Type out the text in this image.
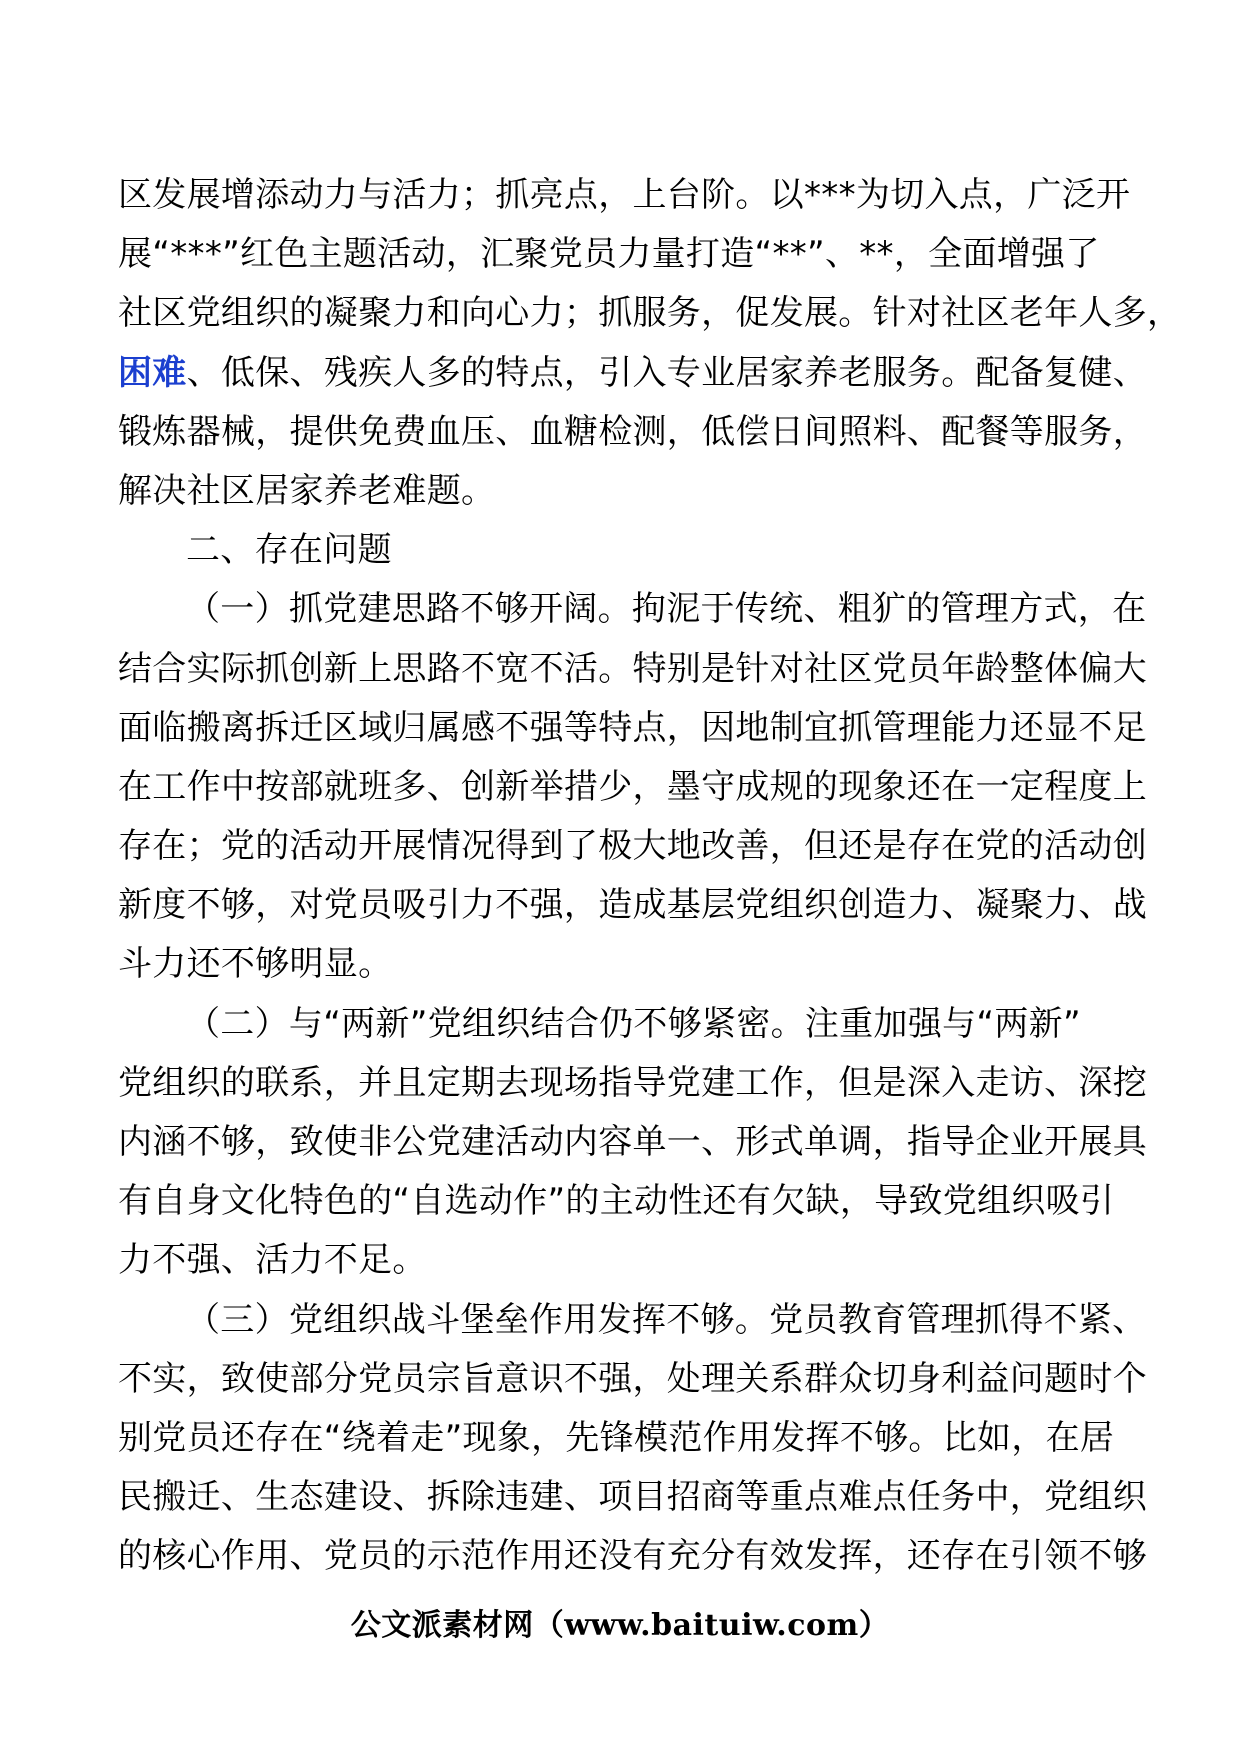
区发展增添动力与活力；抓亮点，上台阶。以***为切入点，广泛开
展“***”红色主题活动，汇聚党员力量打造“**”、**，全面增强了
社区党组织的凝聚力和向心力；抓服务，促发展。针对社区老年人多，
困难、低保、残疾人多的特点，引入专业居家养老服务。配备复健、
锻炼器械，提供免费血压、血糖检测，低偿日间照料、配餐等服务，
解决社区居家养老难题。
二、存在问题
（一）抓党建思路不够开阔。拘泥于传统、粗犷的管理方式，在
结合实际抓创新上思路不宽不活。特别是针对社区党员年龄整体偏大
面临搬离拆迁区域归属感不强等特点，因地制宜抓管理能力还显不足
在工作中按部就班多、创新举措少，墨守成规的现象还在一定程度上
存在；党的活动开展情况得到了极大地改善，但还是存在党的活动创
新度不够，对党员吸引力不强，造成基层党组织创造力、凝聚力、战
斗力还不够明显。
（二）与“两新”党组织结合仍不够紧密。注重加强与“两新”
党组织的联系，并且定期去现场指导党建工作，但是深入走访、深挖
内涵不够，致使非公党建活动内容单一、形式单调，指导企业开展具
有自身文化特色的“自选动作”的主动性还有欠缺，导致党组织吸引
力不强、活力不足。
（三）党组织战斗堡垒作用发挥不够。党员教育管理抓得不紧、
不实，致使部分党员宗旨意识不强，处理关系群众切身利益问题时个
别党员还存在“绕着走”现象，先锋模范作用发挥不够。比如，在居
民搬迁、生态建设、拆除违建、项目招商等重点难点任务中，党组织
的核心作用、党员的示范作用还没有充分有效发挥，还存在引领不够
公文派素材网（www.baituiw.com）
